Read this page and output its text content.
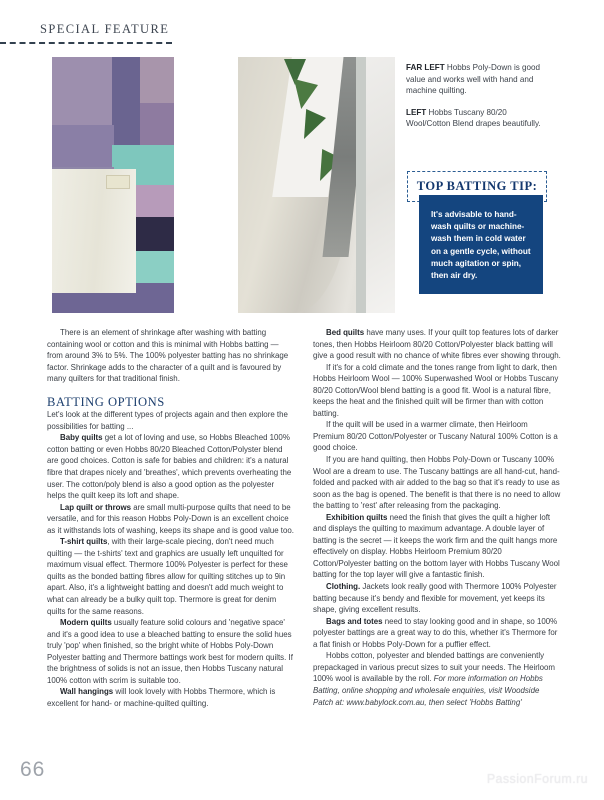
SPECIAL FEATURE

FAR LEFT Hobbs Poly-Down is good value and works well with hand and machine quilting.

LEFT Hobbs Tuscany 80/20 Wool/Cotton Blend drapes beautifully.

TOP BATTING TIP:
It's advisable to hand-wash quilts or machine-wash them in cold water on a gentle cycle, without much agitation or spin, then air dry.

There is an element of shrinkage after washing with batting containing wool or cotton and this is minimal with Hobbs batting — from around 3% to 5%. The 100% polyester batting has no shrinkage factor. Shrinkage adds to the character of a quilt and is favoured by many quilters for that traditional finish.

BATTING OPTIONS

Let's look at the different types of projects again and then explore the possibilities for batting ...

Baby quilts get a lot of loving and use, so Hobbs Bleached 100% cotton batting or even Hobbs 80/20 Bleached Cotton/Polyster blend are good choices. Cotton is safe for babies and children: it's a natural fibre that drapes nicely and 'breathes', which prevents overheating the user. The cotton/poly blend is also a good option as the polyester helps the quilt keep its loft and shape.

Lap quilt or throws are small multi-purpose quilts that need to be versatile, and for this reason Hobbs Poly-Down is an excellent choice as it withstands lots of washing, keeps its shape and is good value too.

T-shirt quilts, with their large-scale piecing, don't need much quilting — the t-shirts' text and graphics are usually left unquilted for maximum visual effect. Thermore 100% Polyester is perfect for these quilts as the bonded batting fibres allow for quilting stitches up to 9in apart. Also, it's a lightweight batting and doesn't add much weight to what can already be a bulky quilt top. Thermore is great for denim quilts for the same reasons.

Modern quilts usually feature solid colours and 'negative space' and it's a good idea to use a bleached batting to ensure the solid hues truly 'pop' when finished, so the bright white of Hobbs Poly-Down Polyester batting and Thermore battings work best for modern quilts. If the brightness of solids is not an issue, then Hobbs Tuscany natural 100% cotton with scrim is suitable too.

Wall hangings will look lovely with Hobbs Thermore, which is excellent for hand- or machine-quilted quilting.

Bed quilts have many uses. If your quilt top features lots of darker tones, then Hobbs Heirloom 80/20 Cotton/Polyester black batting will give a good result with no chance of white fibres ever showing through.

If it's for a cold climate and the tones range from light to dark, then Hobbs Heirloom Wool — 100% Superwashed Wool or Hobbs Tuscany 80/20 Cotton/Wool blend batting is a good fit. Wool is a natural fibre, keeps the heat and the finished quilt will be firmer than with cotton batting.

If the quilt will be used in a warmer climate, then Heirloom Premium 80/20 Cotton/Polyester or Tuscany Natural 100% Cotton is a good choice.

If you are hand quilting, then Hobbs Poly-Down or Tuscany 100% Wool are a dream to use. The Tuscany battings are all hand-cut, hand-folded and packed with air added to the bag so that it's ready to use as soon as the bag is opened. The benefit is that there is no need to allow the batting to 'rest' after releasing from the packaging.

Exhibition quilts need the finish that gives the quilt a higher loft and displays the quilting to maximum advantage. A double layer of batting is the secret — it keeps the work firm and the quilt hangs more effectively on display. Hobbs Heirloom Premium 80/20 Cotton/Polyester batting on the bottom layer with Hobbs Tuscany Wool batting for the top layer will give a fantastic finish.

Clothing. Jackets look really good with Thermore 100% Polyester batting because it's bendy and flexible for movement, yet keeps its shape, giving excellent results.

Bags and totes need to stay looking good and in shape, so 100% polyester battings are a great way to do this, whether it's Thermore for a flat finish or Hobbs Poly-Down for a puffier effect.

Hobbs cotton, polyester and blended battings are conveniently prepackaged in various precut sizes to suit your needs. The Heirloom 100% wool is available by the roll. For more information on Hobbs Batting, online shopping and wholesale enquiries, visit Woodside Patch at: www.babylock.com.au, then select 'Hobbs Batting'

66	PassionForum.ru
